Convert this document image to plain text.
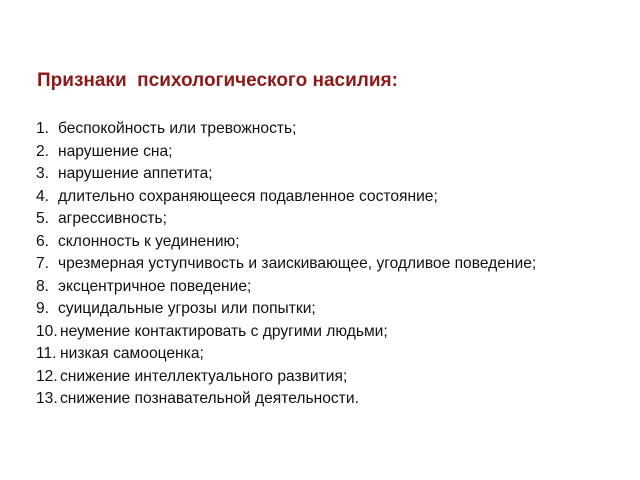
Признаки  психологического насилия:
1. беспокойность или тревожность;
2. нарушение сна;
3. нарушение аппетита;
4. длительно сохраняющееся подавленное состояние;
5. агрессивность;
6. склонность к уединению;
7. чрезмерная уступчивость и заискивающее, угодливое поведение;
8. эксцентричное поведение;
9. суицидальные угрозы или попытки;
10. неумение контактировать с другими людьми;
11. низкая самооценка;
12. снижение интеллектуального развития;
13. снижение познавательной деятельности.
